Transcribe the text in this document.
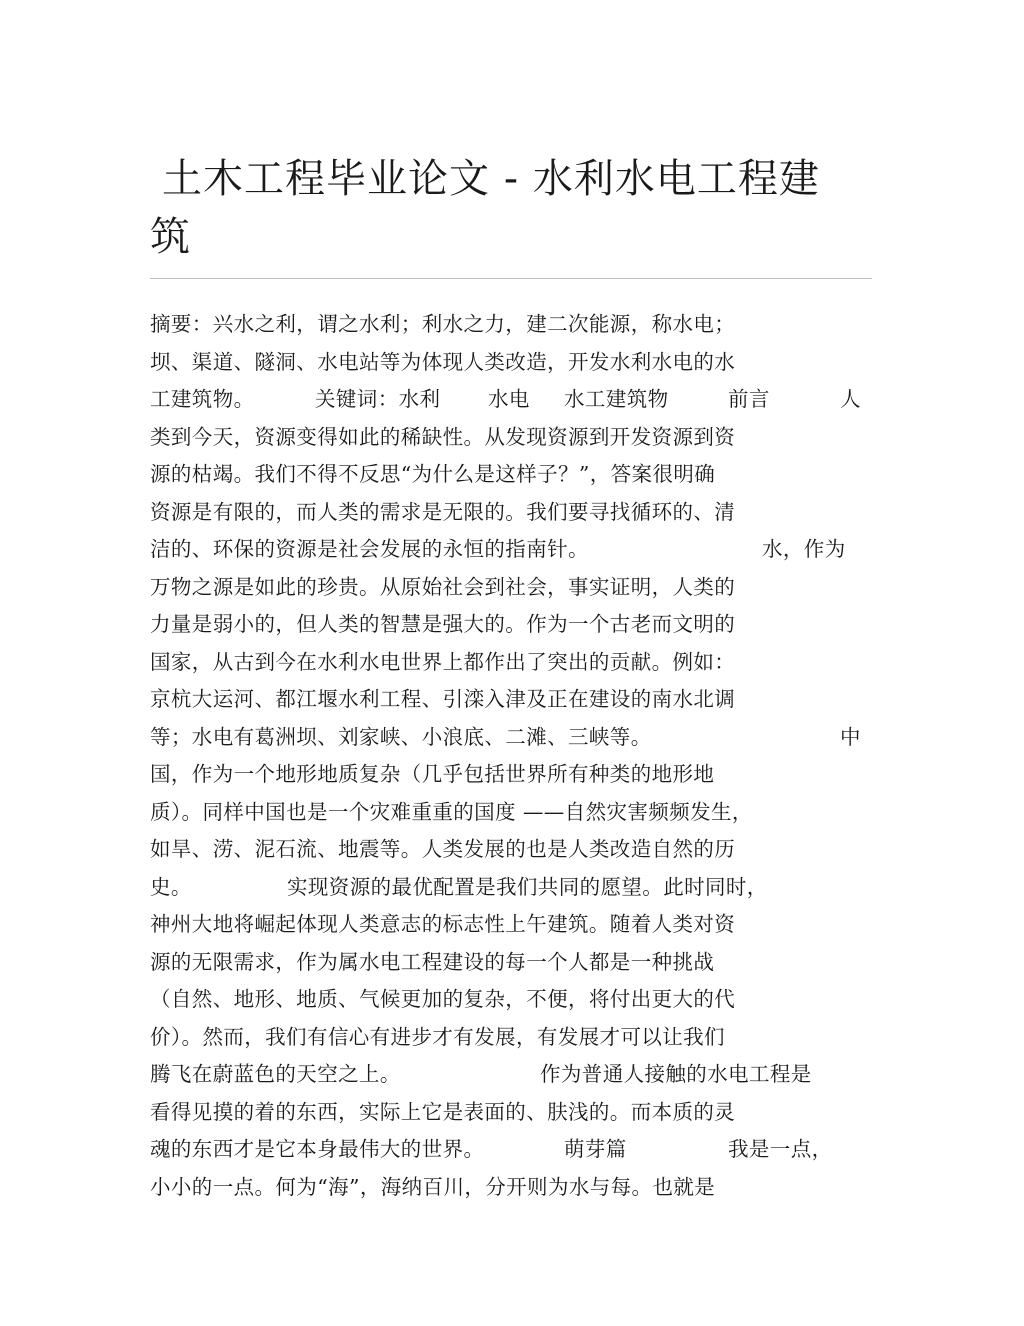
土木工程毕业论文 - 水利水电工程建
筑
摘要：兴水之利，谓之水利；利水之力，建二次能源，称水电；
坝、渠道、隧洞、水电站等为体现人类改造，开发水利水电的水
工建筑物。	关键词：水利 水电 水工建筑物	前言	人
类到今天，资源变得如此的稀缺性。从发现资源到开发资源到资
源的枯竭。我们不得不反思“为什么是这样子？”，答案很明确
资源是有限的，而人类的需求是无限的。我们要寻找循环的、清
洁的、环保的资源是社会发展的永恒的指南针。	水，作为
万物之源是如此的珍贵。从原始社会到社会，事实证明，人类的
力量是弱小的，但人类的智慧是强大的。作为一个古老而文明的
国家，从古到今在水利水电世界上都作出了突出的贡献。例如：
京杭大运河、都江堰水利工程、引滦入津及正在建设的南水北调
等；水电有葛洲坝、刘家峡、小浪底、二滩、三峡等。	中
国，作为一个地形地质复杂（几乎包括世界所有种类的地形地
质）。同样中国也是一个灾难重重的国度 ——自然灾害频频发生，
如旱、涝、泥石流、地震等。人类发展的也是人类改造自然的历
史。	实现资源的最优配置是我们共同的愿望。此时同时，
神州大地将崛起体现人类意志的标志性上午建筑。随着人类对资
源的无限需求，作为属水电工程建设的每一个人都是一种挑战
（自然、地形、地质、气候更加的复杂，不便，将付出更大的代
价）。然而，我们有信心有进步才有发展，有发展才可以让我们
腾飞在蔚蓝色的天空之上。	作为普通人接触的水电工程是
看得见摸的着的东西，实际上它是表面的、肤浅的。而本质的灵
魂的东西才是它本身最伟大的世界。	萌芽篇	我是一点，
小小的一点。何为“海”，海纳百川，分开则为水与每。也就是
